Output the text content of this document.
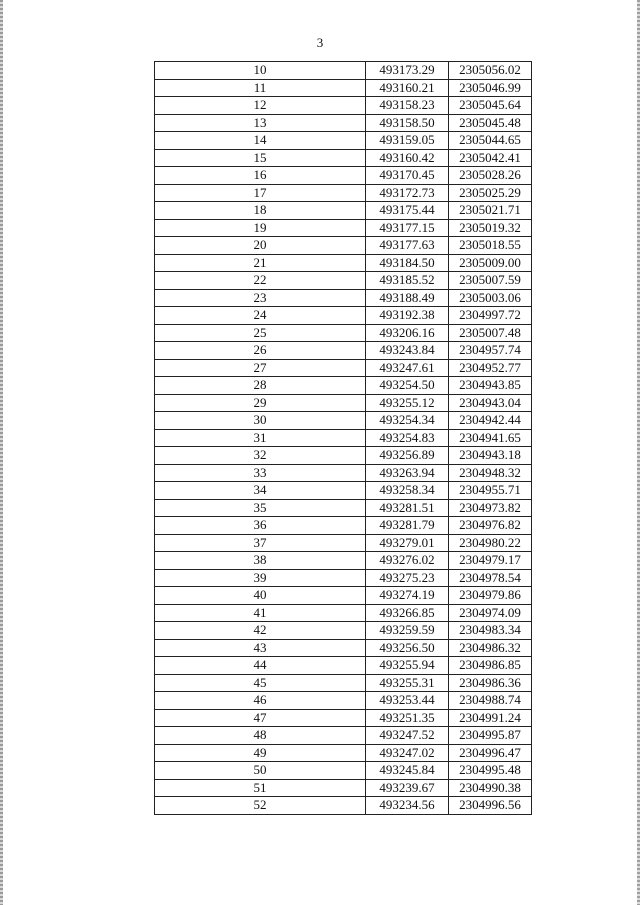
3
10	493173.29	2305056.02
11	493160.21	2305046.99
12	493158.23	2305045.64
13	493158.50	2305045.48
14	493159.05	2305044.65
15	493160.42	2305042.41
16	493170.45	2305028.26
17	493172.73	2305025.29
18	493175.44	2305021.71
19	493177.15	2305019.32
20	493177.63	2305018.55
21	493184.50	2305009.00
22	493185.52	2305007.59
23	493188.49	2305003.06
24	493192.38	2304997.72
25	493206.16	2305007.48
26	493243.84	2304957.74
27	493247.61	2304952.77
28	493254.50	2304943.85
29	493255.12	2304943.04
30	493254.34	2304942.44
31	493254.83	2304941.65
32	493256.89	2304943.18
33	493263.94	2304948.32
34	493258.34	2304955.71
35	493281.51	2304973.82
36	493281.79	2304976.82
37	493279.01	2304980.22
38	493276.02	2304979.17
39	493275.23	2304978.54
40	493274.19	2304979.86
41	493266.85	2304974.09
42	493259.59	2304983.34
43	493256.50	2304986.32
44	493255.94	2304986.85
45	493255.31	2304986.36
46	493253.44	2304988.74
47	493251.35	2304991.24
48	493247.52	2304995.87
49	493247.02	2304996.47
50	493245.84	2304995.48
51	493239.67	2304990.38
52	493234.56	2304996.56
